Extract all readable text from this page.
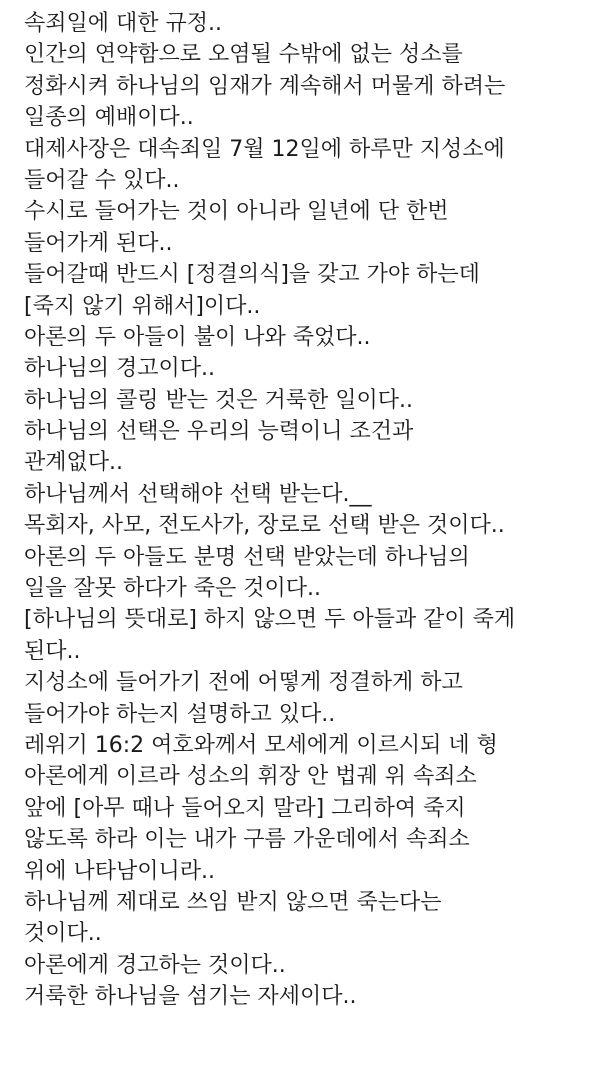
속죄일에 대한 규정..
인간의 연약함으로 오염될 수밖에 없는 성소를
정화시켜 하나님의 임재가 계속해서 머물게 하려는
일종의 예배이다..
대제사장은 대속죄일 7월 12일에 하루만 지성소에
들어갈 수 있다..
수시로 들어가는 것이 아니라 일년에 단 한번
들어가게 된다..
들어갈때 반드시 [정결의식]을 갖고 가야 하는데
[죽지 않기 위해서]이다..
아론의 두 아들이 불이 나와 죽었다..
하나님의 경고이다..
하나님의 콜링 받는 것은 거룩한 일이다..
하나님의 선택은 우리의 능력이니 조건과
관계없다..
하나님께서 선택해야 선택 받는다.__
목회자, 사모, 전도사가, 장로로 선택 받은 것이다..
아론의 두 아들도 분명 선택 받았는데 하나님의
일을 잘못 하다가 죽은 것이다..
[하나님의 뜻대로] 하지 않으면 두 아들과 같이 죽게
된다..
지성소에 들어가기 전에 어떻게 정결하게 하고
들어가야 하는지 설명하고 있다..
레위기 16:2 여호와께서 모세에게 이르시되 네 형
아론에게 이르라 성소의 휘장 안 법궤 위 속죄소
앞에 [아무 때나 들어오지 말라] 그리하여 죽지
않도록 하라 이는 내가 구름 가운데에서 속죄소
위에 나타남이니라..
하나님께 제대로 쓰임 받지 않으면 죽는다는
것이다..
아론에게 경고하는 것이다..
거룩한 하나님을 섬기는 자세이다..
